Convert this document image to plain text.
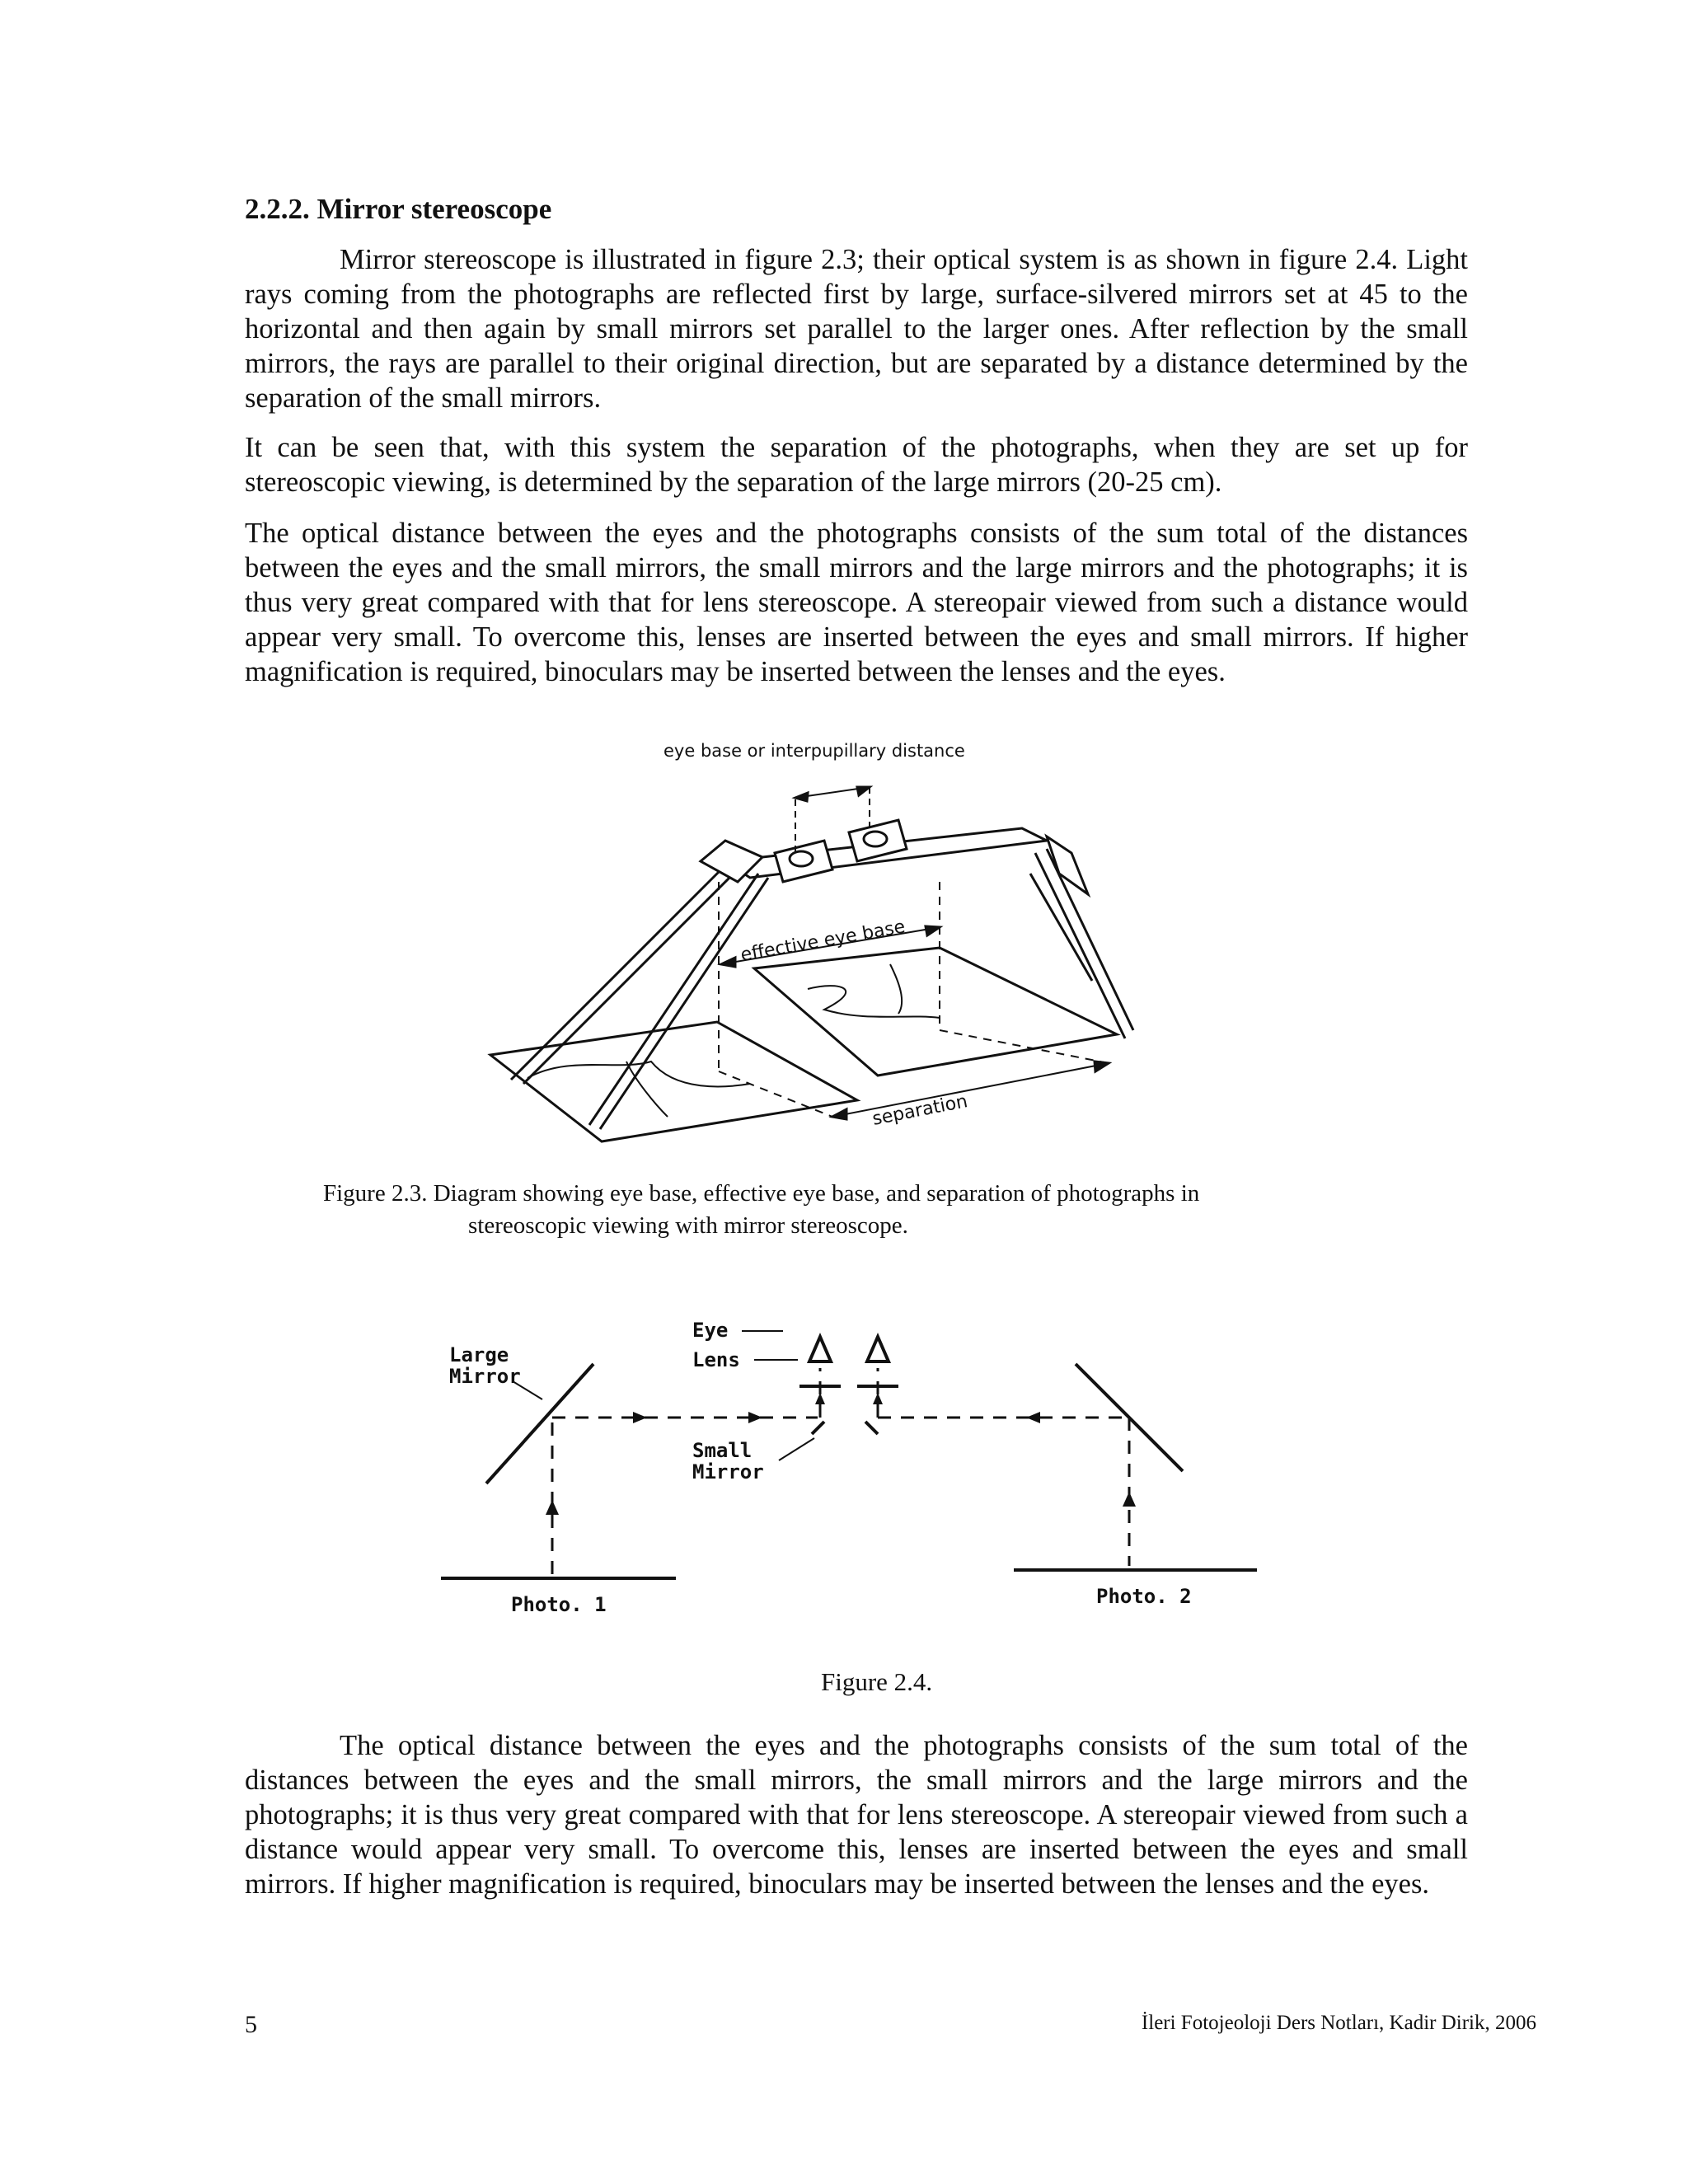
2.2.2. Mirror stereoscope

Mirror stereoscope is illustrated in figure 2.3; their optical system is as shown in figure 2.4. Light rays coming from the photographs are reflected first by large, surface-silvered mirrors set at 45 to the horizontal and then again by small mirrors set parallel to the larger ones. After reflection by the small mirrors, the rays are parallel to their original direction, but are separated by a distance determined by the separation of the small mirrors.

It can be seen that, with this system the separation of the photographs, when they are set up for stereoscopic viewing, is determined by the separation of the large mirrors (20-25 cm).

The optical distance between the eyes and the photographs consists of the sum total of the distances between the eyes and the small mirrors, the small mirrors and the large mirrors and the photographs; it is thus very great compared with that for lens stereoscope. A stereopair viewed from such a distance would appear very small. To overcome this, lenses are inserted between the eyes and small mirrors. If higher magnification is required, binoculars may be inserted between the lenses and the eyes.

eye base or interpupillary distance
effective eye base
separation

Figure 2.3. Diagram showing eye base, effective eye base, and separation of photographs in

stereoscopic viewing with mirror stereoscope.

Eye
Lens
Large
Mirror
Small
Mirror
Photo. 1	Photo. 2

Figure 2.4.

The optical distance between the eyes and the photographs consists of the sum total of the distances between the eyes and the small mirrors, the small mirrors and the large mirrors and the photographs; it is thus very great compared with that for lens stereoscope. A stereopair viewed from such a distance would appear very small. To overcome this, lenses are inserted between the eyes and small mirrors. If higher magnification is required, binoculars may be inserted between the lenses and the eyes.

5	İleri Fotojeoloji Ders Notları, Kadir Dirik, 2006
